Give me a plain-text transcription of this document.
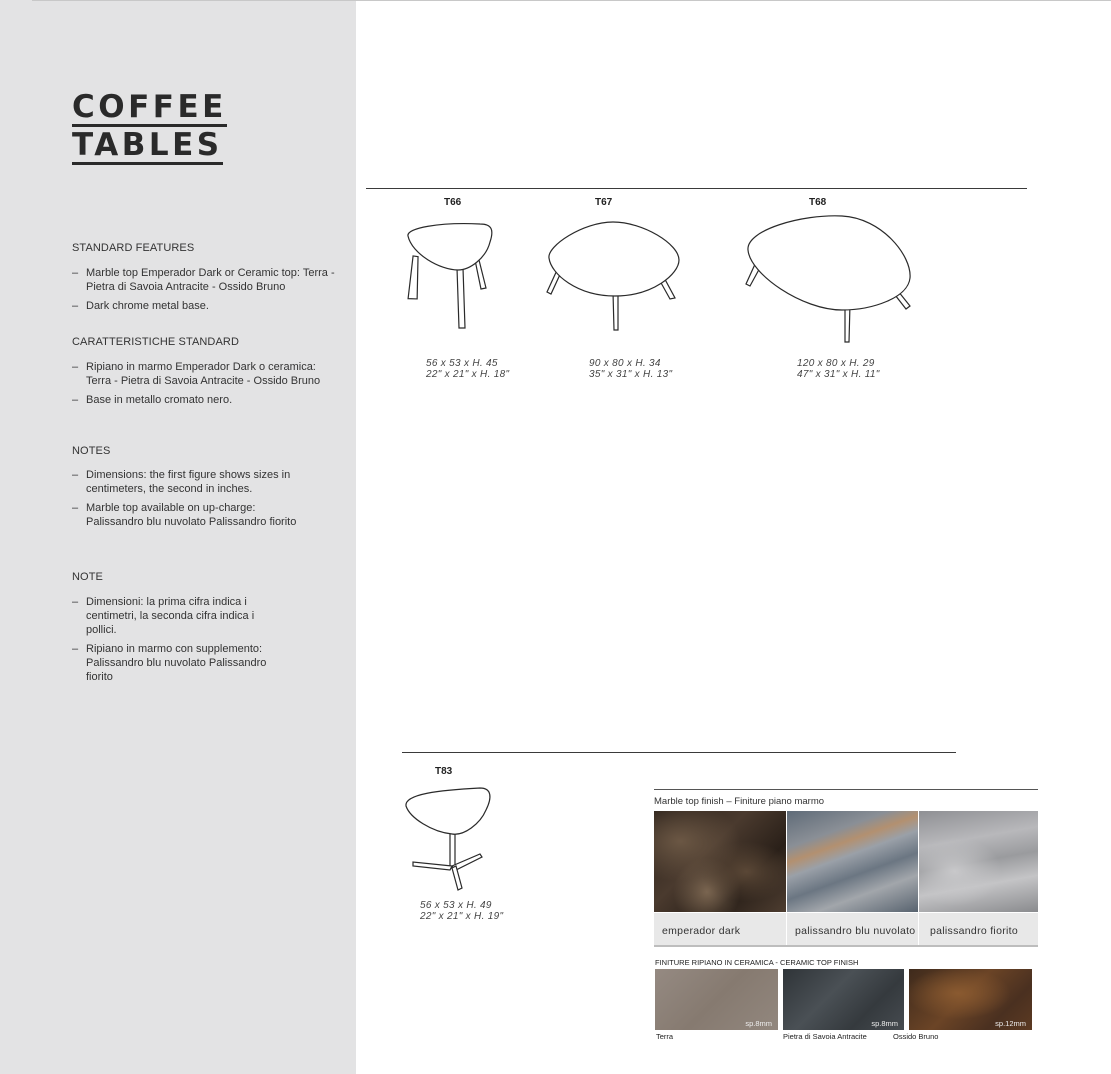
COFFEE
TABLES
STANDARD FEATURES
– Marble top Emperador Dark or Ceramic top: Terra - Pietra di Savoia Antracite - Ossido Bruno
– Dark chrome metal base.
CARATTERISTICHE STANDARD
– Ripiano in marmo Emperador Dark o ceramica: Terra - Pietra di Savoia Antracite - Ossido Bruno
– Base in metallo cromato nero.
NOTES
– Dimensions: the first figure shows sizes in centimeters, the second in inches.
– Marble top available on up-charge: Palissandro blu nuvolato Palissandro fiorito
NOTE
– Dimensioni: la prima cifra indica i centimetri, la seconda cifra indica i pollici.
– Ripiano in marmo con supplemento: Palissandro blu nuvolato Palissandro fiorito
T66	T67	T68
56 x 53 x H. 45
22" x 21" x H. 18"
90 x 80 x H. 34
35" x 31" x H. 13"
120 x 80 x H. 29
47" x 31" x H. 11"
T83
56 x 53 x H. 49
22" x 21" x H. 19"
Marble top finish – Finiture piano marmo
emperador dark	palissandro blu nuvolato	palissandro fiorito
FINITURE RIPIANO IN CERAMICA - CERAMIC TOP FINISH
sp.8mm	sp.8mm	sp.12mm
Terra	Pietra di Savoia Antracite	Ossido Bruno
